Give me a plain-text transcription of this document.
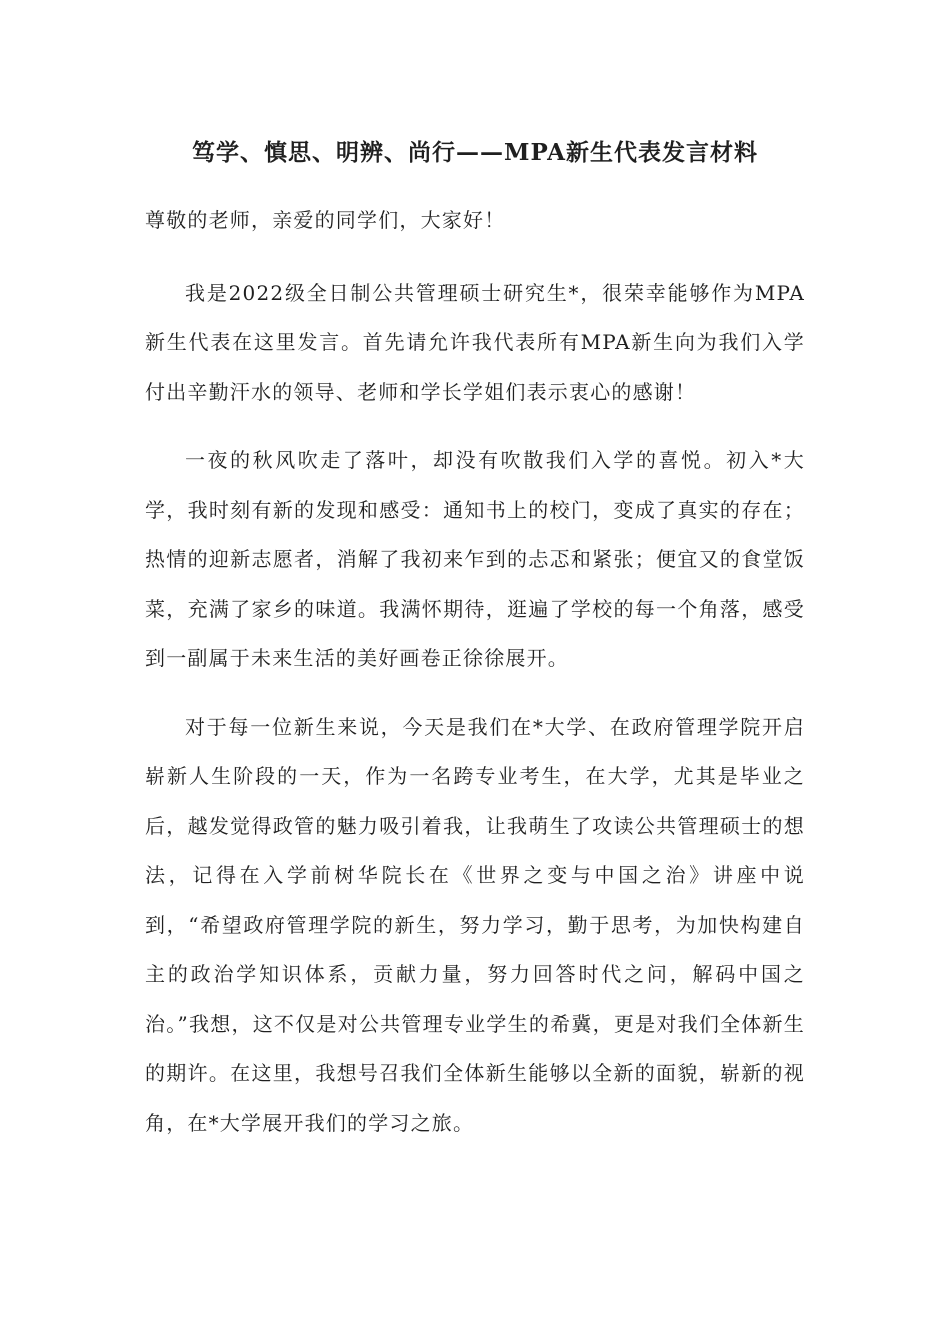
笃学、慎思、明辨、尚行——MPA新生代表发言材料

尊敬的老师，亲爱的同学们，大家好！

我是2022级全日制公共管理硕士研究生*，很荣幸能够作为MPA新生代表在这里发言。首先请允许我代表所有MPA新生向为我们入学付出辛勤汗水的领导、老师和学长学姐们表示衷心的感谢！

一夜的秋风吹走了落叶，却没有吹散我们入学的喜悦。初入*大学，我时刻有新的发现和感受：通知书上的校门，变成了真实的存在；热情的迎新志愿者，消解了我初来乍到的忐忑和紧张；便宜又的食堂饭菜，充满了家乡的味道。我满怀期待，逛遍了学校的每一个角落，感受到一副属于未来生活的美好画卷正徐徐展开。

对于每一位新生来说，今天是我们在*大学、在政府管理学院开启崭新人生阶段的一天，作为一名跨专业考生，在大学，尤其是毕业之后，越发觉得政管的魅力吸引着我，让我萌生了攻读公共管理硕士的想法，记得在入学前树华院长在《世界之变与中国之治》讲座中说到，“希望政府管理学院的新生，努力学习，勤于思考，为加快构建自主的政治学知识体系，贡献力量，努力回答时代之问，解码中国之治。”我想，这不仅是对公共管理专业学生的希冀，更是对我们全体新生的期许。在这里，我想号召我们全体新生能够以全新的面貌，崭新的视角，在*大学展开我们的学习之旅。
